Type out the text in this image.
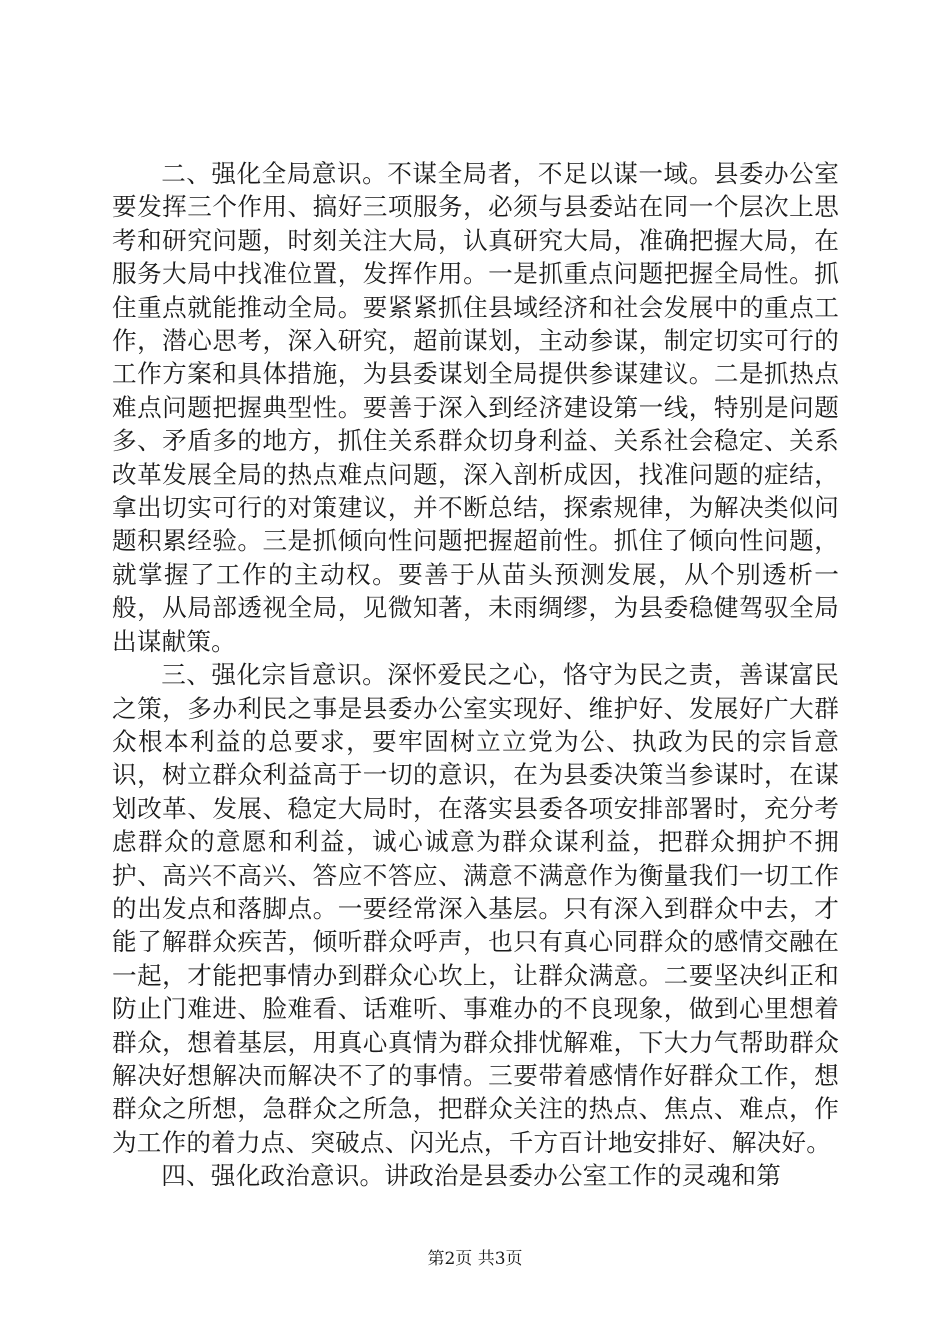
二、强化全局意识。不谋全局者，不足以谋一域。县委办公室要发挥三个作用、搞好三项服务，必须与县委站在同一个层次上思考和研究问题，时刻关注大局，认真研究大局，准确把握大局，在服务大局中找准位置，发挥作用。一是抓重点问题把握全局性。抓住重点就能推动全局。要紧紧抓住县域经济和社会发展中的重点工作，潜心思考，深入研究，超前谋划，主动参谋，制定切实可行的工作方案和具体措施，为县委谋划全局提供参谋建议。二是抓热点难点问题把握典型性。要善于深入到经济建设第一线，特别是问题多、矛盾多的地方，抓住关系群众切身利益、关系社会稳定、关系改革发展全局的热点难点问题，深入剖析成因，找准问题的症结，拿出切实可行的对策建议，并不断总结，探索规律，为解决类似问题积累经验。三是抓倾向性问题把握超前性。抓住了倾向性问题，就掌握了工作的主动权。要善于从苗头预测发展，从个别透析一般，从局部透视全局，见微知著，未雨绸缪，为县委稳健驾驭全局出谋献策。

三、强化宗旨意识。深怀爱民之心，恪守为民之责，善谋富民之策，多办利民之事是县委办公室实现好、维护好、发展好广大群众根本利益的总要求，要牢固树立立党为公、执政为民的宗旨意识，树立群众利益高于一切的意识，在为县委决策当参谋时，在谋划改革、发展、稳定大局时，在落实县委各项安排部署时，充分考虑群众的意愿和利益，诚心诚意为群众谋利益，把群众拥护不拥护、高兴不高兴、答应不答应、满意不满意作为衡量我们一切工作的出发点和落脚点。一要经常深入基层。只有深入到群众中去，才能了解群众疾苦，倾听群众呼声，也只有真心同群众的感情交融在一起，才能把事情办到群众心坎上，让群众满意。二要坚决纠正和防止门难进、脸难看、话难听、事难办的不良现象，做到心里想着群众，想着基层，用真心真情为群众排忧解难，下大力气帮助群众解决好想解决而解决不了的事情。三要带着感情作好群众工作，想群众之所想，急群众之所急，把群众关注的热点、焦点、难点，作为工作的着力点、突破点、闪光点，千方百计地安排好、解决好。

四、强化政治意识。讲政治是县委办公室工作的灵魂和第

第2页 共3页
